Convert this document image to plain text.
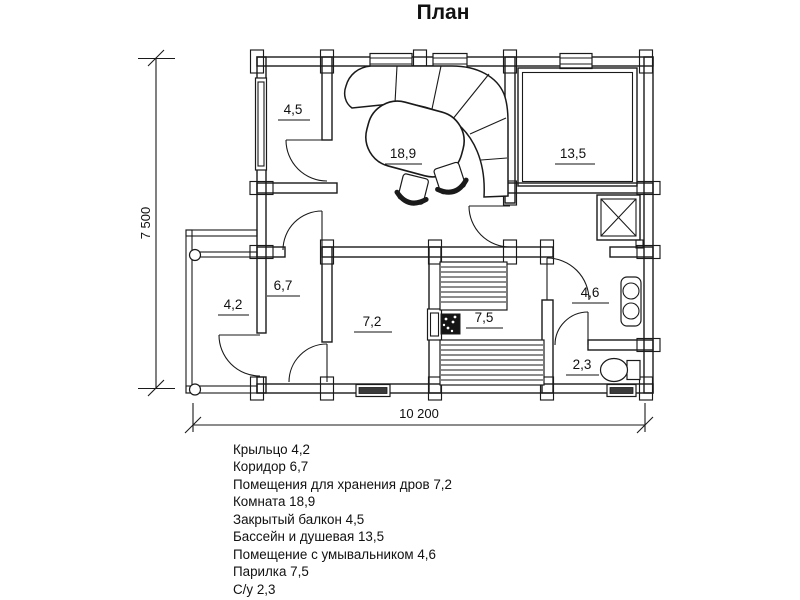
План
4,5
18,9	13,5
6,7
4,2
7,2	7,5
4,6
2,3
7 500
10 200
Крыльцо 4,2
Коридор 6,7
Помещения для хранения дров 7,2
Комната 18,9
Закрытый балкон 4,5
Бассейн и душевая 13,5
Помещение с умывальником 4,6
Парилка 7,5
С/у 2,3
